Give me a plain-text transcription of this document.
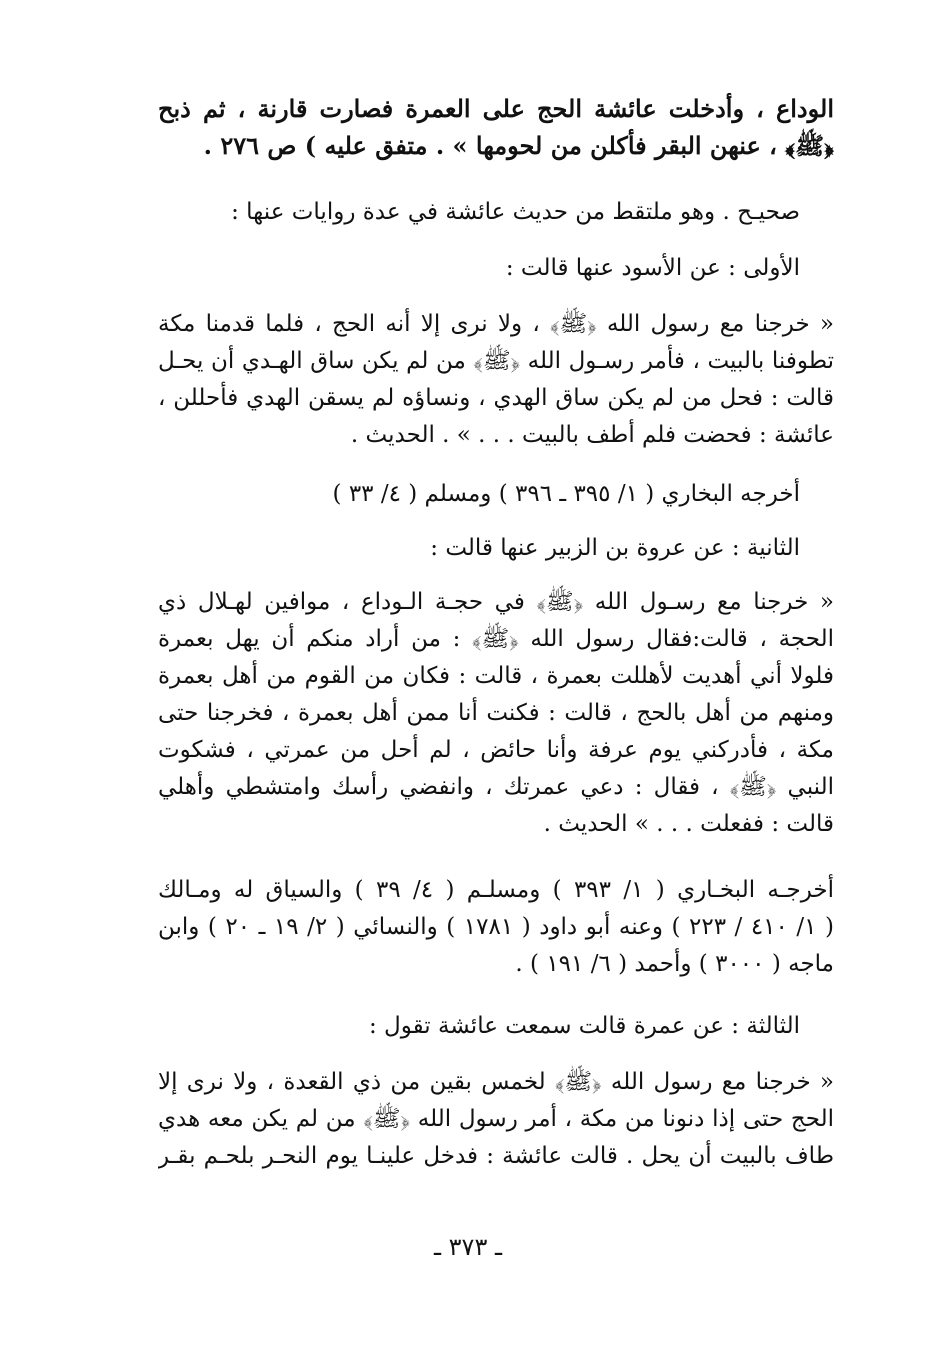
الوداع ، وأدخلت عائشة الحج على العمرة فصارت قارنة ، ثم ذبح
﴿ﷺ﴾ ، عنهن البقر فأكلن من لحومها » . متفق عليه ) ص ٢٧٦ .
صحيـح . وهو ملتقط من حديث عائشة في عدة روايات عنها :
الأولى : عن الأسود عنها قالت :
« خرجنا مع رسول الله ﴿ﷺ﴾ ، ولا نرى إلا أنه الحج ، فلما قدمنا مكة
تطوفنا بالبيت ، فأمر رسـول الله ﴿ﷺ﴾ من لم يكن ساق الهـدي أن يحـل
قالت : فحل من لم يكن ساق الهدي ، ونساؤه لم يسقن الهدي فأحللن ،
عائشة : فحضت فلم أطف بالبيت . . . » . الحديث .
أخرجه البخاري ( ١/ ٣٩٥ ـ ٣٩٦ ) ومسلم ( ٤/ ٣٣ )
الثانية : عن عروة بن الزبير عنها قالت :
« خرجنا مع رسـول الله ﴿ﷺ﴾ في حجـة الـوداع ، موافين لهـلال ذي
الحجة ، قالت:فقال رسول الله ﴿ﷺ﴾ : من أراد منكم أن يهل بعمرة
فلولا أني أهديت لأهللت بعمرة ، قالت : فكان من القوم من أهل بعمرة
ومنهم من أهل بالحج ، قالت : فكنت أنا ممن أهل بعمرة ، فخرجنا حتى
مكة ، فأدركني يوم عرفة وأنا حائض ، لم أحل من عمرتي ، فشكوت
النبي ﴿ﷺ﴾ ، فقال : دعي عمرتك ، وانفضي رأسك وامتشطي وأهلي
قالت : ففعلت . . . » الحديث .
أخرجـه البخـاري ( ١/ ٣٩٣ ) ومسلـم ( ٤/ ٣٩ ) والسياق له ومـالك
( ١/ ٤١٠ / ٢٢٣ ) وعنه أبو داود ( ١٧٨١ ) والنسائي ( ٢/ ١٩ ـ ٢٠ ) وابن
ماجه ( ٣٠٠٠ ) وأحمد ( ٦/ ١٩١ ) .
الثالثة : عن عمرة قالت سمعت عائشة تقول :
« خرجنا مع رسول الله ﴿ﷺ﴾ لخمس بقين من ذي القعدة ، ولا نرى إلا
الحج حتى إذا دنونا من مكة ، أمر رسول الله ﴿ﷺ﴾ من لم يكن معه هدي
طاف بالبيت أن يحل . قالت عائشة : فدخل علينـا يوم النحـر بلحـم بقـر
ـ ٣٧٣ ـ
